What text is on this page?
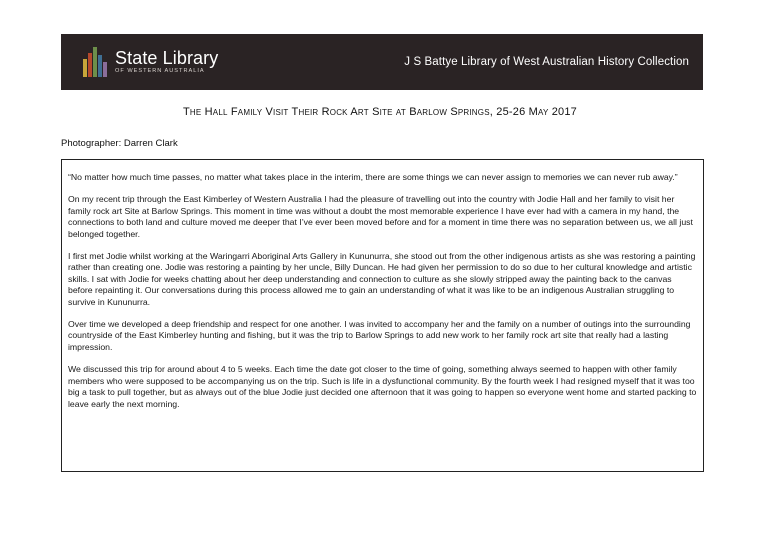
State Library
OF WESTERN AUSTRALIA
J S Battye Library of West Australian History Collection
The Hall Family Visit Their Rock Art Site at Barlow Springs, 25-26 May 2017
Photographer: Darren Clark

“No matter how much time passes, no matter what takes place in the interim, there are some things we can never assign to memories we can never rub away.”

On my recent trip through the East Kimberley of Western Australia I had the pleasure of travelling out into the country with Jodie Hall and her family to visit her family rock art Site at Barlow Springs. This moment in time was without a doubt the most memorable experience I have ever had with a camera in my hand, the connections to both land and culture moved me deeper that I’ve ever been moved before and for a moment in time there was no separation between us, we all just belonged together.

I first met Jodie whilst working at the Waringarri Aboriginal Arts Gallery in Kununurra, she stood out from the other indigenous artists as she was restoring a painting rather than creating one. Jodie was restoring a painting by her uncle, Billy Duncan. He had given her permission to do so due to her cultural knowledge and artistic skills. I sat with Jodie for weeks chatting about her deep understanding and connection to culture as she slowly stripped away the painting back to the canvas before repainting it. Our conversations during this process allowed me to gain an understanding of what it was like to be an indigenous Australian struggling to survive in Kununurra.

Over time we developed a deep friendship and respect for one another. I was invited to accompany her and the family on a number of outings into the surrounding countryside of the East Kimberley hunting and fishing, but it was the trip to Barlow Springs to add new work to her family rock art site that really had a lasting impression.

We discussed this trip for around about 4 to 5 weeks. Each time the date got closer to the time of going, something always seemed to happen with other family members who were supposed to be accompanying us on the trip. Such is life in a dysfunctional community. By the fourth week I had resigned myself that it was too big a task to pull together, but as always out of the blue Jodie just decided one afternoon that it was going to happen so everyone went home and started packing to leave early the next morning.
